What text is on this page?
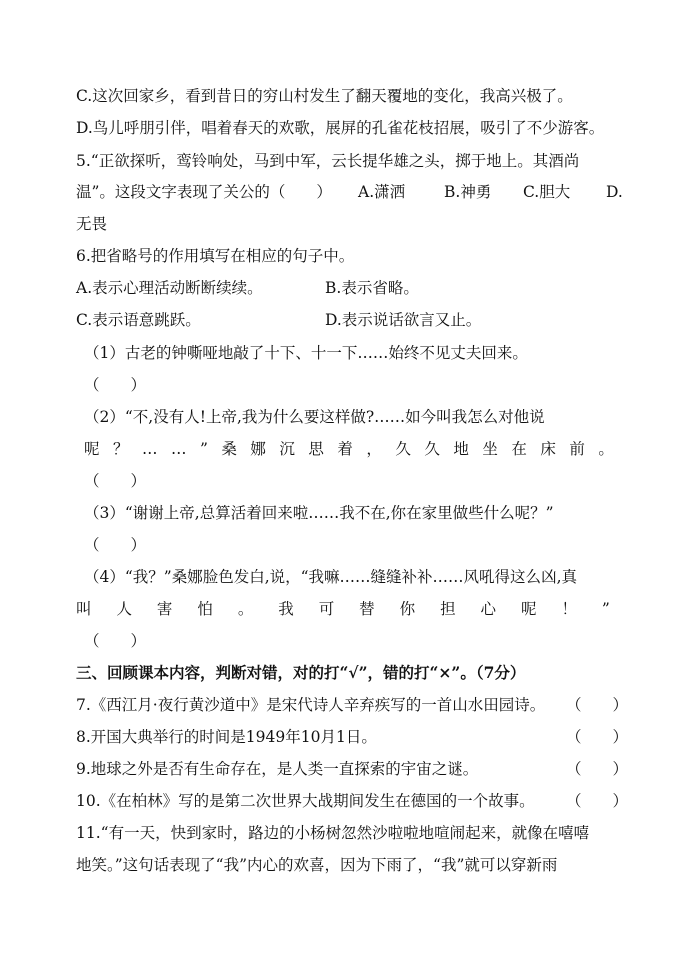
C.这次回家乡，看到昔日的穷山村发生了翻天覆地的变化，我高兴极了。
D.鸟儿呼朋引伴，唱着春天的欢歌，展屏的孔雀花枝招展，吸引了不少游客。
5.“正欲探听，鸾铃响处，马到中军，云长提华雄之头，掷于地上。其酒尚
温”。这段文字表现了关公的（　　） A.潇洒	B.神勇 C.胆大 D.
无畏
6.把省略号的作用填写在相应的句子中。
A.表示心理活动断断续续。	B.表示省略。
C.表示语意跳跃。	D.表示说话欲言又止。
（1）古老的钟嘶哑地敲了十下、十一下……始终不见丈夫回来。
（　　）
（2）“不,没有人!上帝,我为什么要这样做?……如今叫我怎么对他说
呢 ？ … … ” 桑 娜 沉 思 着 ， 久 久 地 坐 在 床 前 。
（　　）
（3）“谢谢上帝,总算活着回来啦……我不在,你在家里做些什么呢？”
（　　）
（4）“我？”桑娜脸色发白,说，“我嘛……缝缝补补……风吼得这么凶,真
叫 人 害 怕 。 我 可 替 你 担 心 呢 ！ ”
（　　）
三、回顾课本内容，判断对错，对的打“√”，错的打“×”。（7分）
7.《西江月·夜行黄沙道中》是宋代诗人辛弃疾写的一首山水田园诗。 （　　）
8.开国大典举行的时间是1949年10月1日。	（　　）
9.地球之外是否有生命存在，是人类一直探索的宇宙之谜。	（　　）
10.《在柏林》写的是第二次世界大战期间发生在德国的一个故事。 （　　）
11.“有一天，快到家时，路边的小杨树忽然沙啦啦地喧闹起来，就像在嘻嘻
地笑。”这句话表现了“我”内心的欢喜，因为下雨了，“我”就可以穿新雨
